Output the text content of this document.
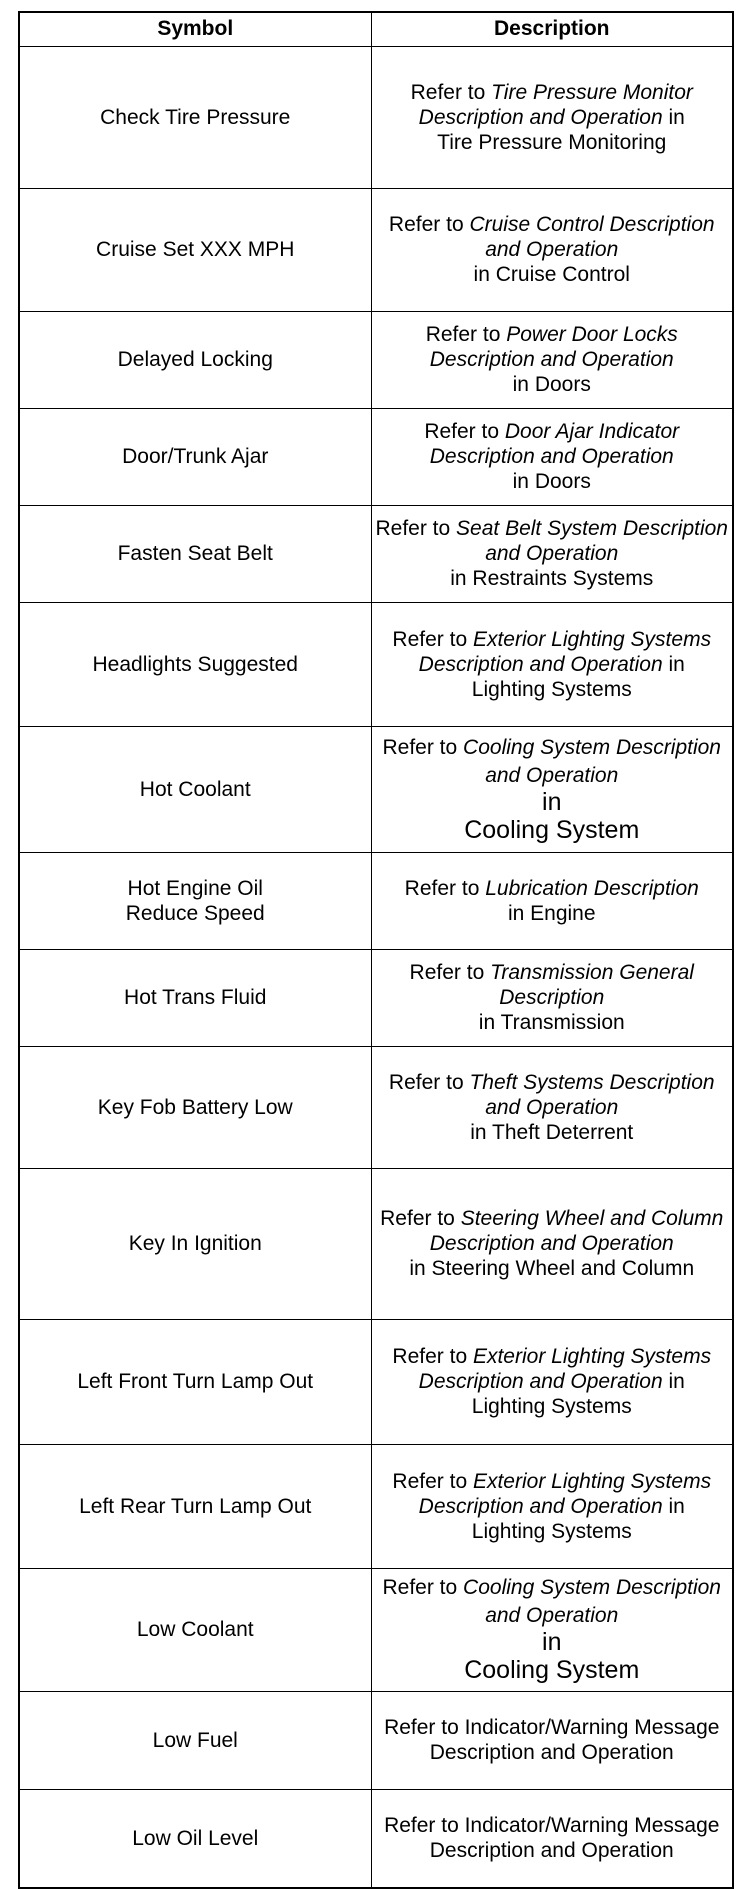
Symbol	Description
Check Tire Pressure	Refer to Tire Pressure Monitor Description and Operation in
Tire Pressure Monitoring
Cruise Set XXX MPH	Refer to Cruise Control Description and Operation
in Cruise Control
Delayed Locking	Refer to Power Door Locks Description and Operation
in Doors
Door/Trunk Ajar	Refer to Door Ajar Indicator Description and Operation
in Doors
Fasten Seat Belt	Refer to Seat Belt System Description and Operation
in Restraints Systems
Headlights Suggested	Refer to Exterior Lighting Systems Description and Operation in
Lighting Systems
Hot Coolant	Refer to Cooling System Description and Operation
in
Cooling System
Hot Engine Oil
Reduce Speed	Refer to Lubrication Description
in Engine
Hot Trans Fluid	Refer to Transmission General Description
in Transmission
Key Fob Battery Low	Refer to Theft Systems Description and Operation
in Theft Deterrent
Key In Ignition	Refer to Steering Wheel and Column Description and Operation
in Steering Wheel and Column
Left Front Turn Lamp Out	Refer to Exterior Lighting Systems Description and Operation in
Lighting Systems
Left Rear Turn Lamp Out	Refer to Exterior Lighting Systems Description and Operation in
Lighting Systems
Low Coolant	Refer to Cooling System Description and Operation
in
Cooling System
Low Fuel	Refer to Indicator/Warning Message Description and Operation
Low Oil Level	Refer to Indicator/Warning Message Description and Operation
